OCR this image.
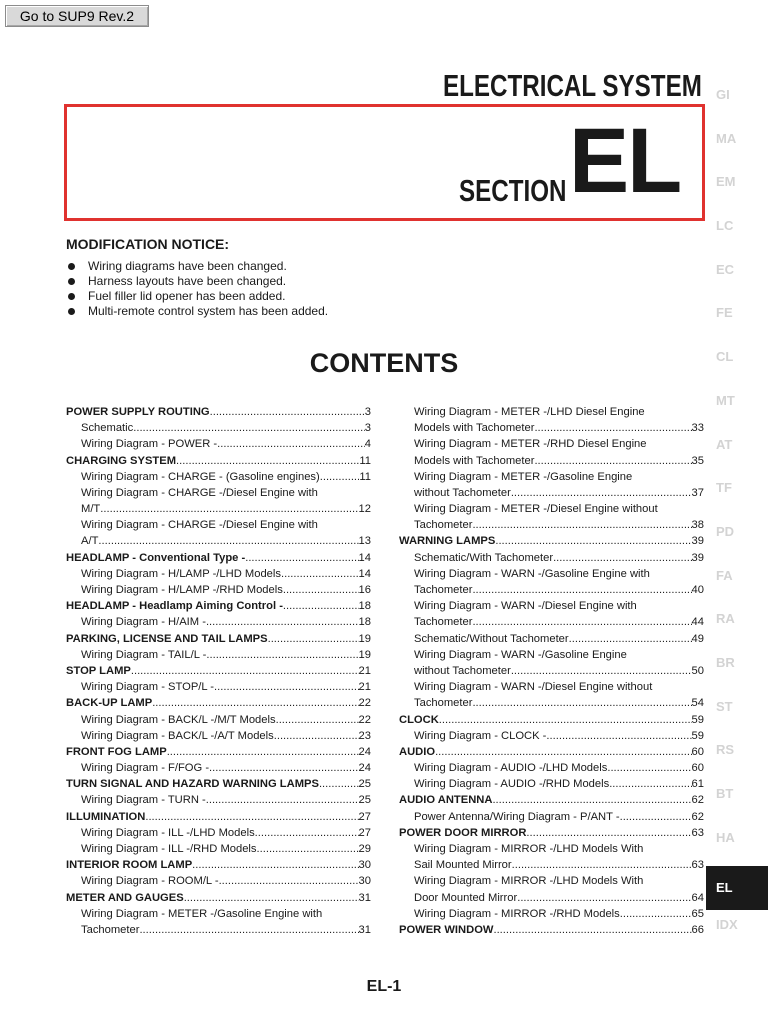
Go to SUP9 Rev.2
ELECTRICAL SYSTEM
SECTION EL
MODIFICATION NOTICE:
Wiring diagrams have been changed.
Harness layouts have been changed.
Fuel filler lid opener has been added.
Multi-remote control system has been added.
CONTENTS
POWER SUPPLY ROUTING .....	3
Schematic .....	3
Wiring Diagram - POWER - .....	4
CHARGING SYSTEM .....	11
Wiring Diagram - CHARGE - (Gasoline engines) .....	11
Wiring Diagram - CHARGE -/Diesel Engine with
M/T .....	12
Wiring Diagram - CHARGE -/Diesel Engine with
A/T .....	13
HEADLAMP - Conventional Type - .....	14
Wiring Diagram - H/LAMP -/LHD Models .....	14
Wiring Diagram - H/LAMP -/RHD Models .....	16
HEADLAMP - Headlamp Aiming Control - .....	18
Wiring Diagram - H/AIM - .....	18
PARKING, LICENSE AND TAIL LAMPS .....	19
Wiring Diagram - TAIL/L - .....	19
STOP LAMP .....	21
Wiring Diagram - STOP/L - .....	21
BACK-UP LAMP .....	22
Wiring Diagram - BACK/L -/M/T Models .....	22
Wiring Diagram - BACK/L -/A/T Models .....	23
FRONT FOG LAMP .....	24
Wiring Diagram - F/FOG - .....	24
TURN SIGNAL AND HAZARD WARNING LAMPS .....	25
Wiring Diagram - TURN - .....	25
ILLUMINATION .....	27
Wiring Diagram - ILL -/LHD Models .....	27
Wiring Diagram - ILL -/RHD Models .....	29
INTERIOR ROOM LAMP .....	30
Wiring Diagram - ROOM/L - .....	30
METER AND GAUGES .....	31
Wiring Diagram - METER -/Gasoline Engine with
Tachometer .....	31
Wiring Diagram - METER -/LHD Diesel Engine
Models with Tachometer .....	33
Wiring Diagram - METER -/RHD Diesel Engine
Models with Tachometer .....	35
Wiring Diagram - METER -/Gasoline Engine
without Tachometer .....	37
Wiring Diagram - METER -/Diesel Engine without
Tachometer .....	38
WARNING LAMPS .....	39
Schematic/With Tachometer .....	39
Wiring Diagram - WARN -/Gasoline Engine with
Tachometer .....	40
Wiring Diagram - WARN -/Diesel Engine with
Tachometer .....	44
Schematic/Without Tachometer .....	49
Wiring Diagram - WARN -/Gasoline Engine
without Tachometer .....	50
Wiring Diagram - WARN -/Diesel Engine without
Tachometer .....	54
CLOCK .....	59
Wiring Diagram - CLOCK - .....	59
AUDIO .....	60
Wiring Diagram - AUDIO -/LHD Models .....	60
Wiring Diagram - AUDIO -/RHD Models .....	61
AUDIO ANTENNA .....	62
Power Antenna/Wiring Diagram - P/ANT - .....	62
POWER DOOR MIRROR .....	63
Wiring Diagram - MIRROR -/LHD Models With
Sail Mounted Mirror .....	63
Wiring Diagram - MIRROR -/LHD Models With
Door Mounted Mirror .....	64
Wiring Diagram - MIRROR -/RHD Models .....	65
POWER WINDOW .....	66
GI
MA
EM
LC
EC
FE
CL
MT
AT
TF
PD
FA
RA
BR
ST
RS
BT
HA
EL
IDX
EL-1
